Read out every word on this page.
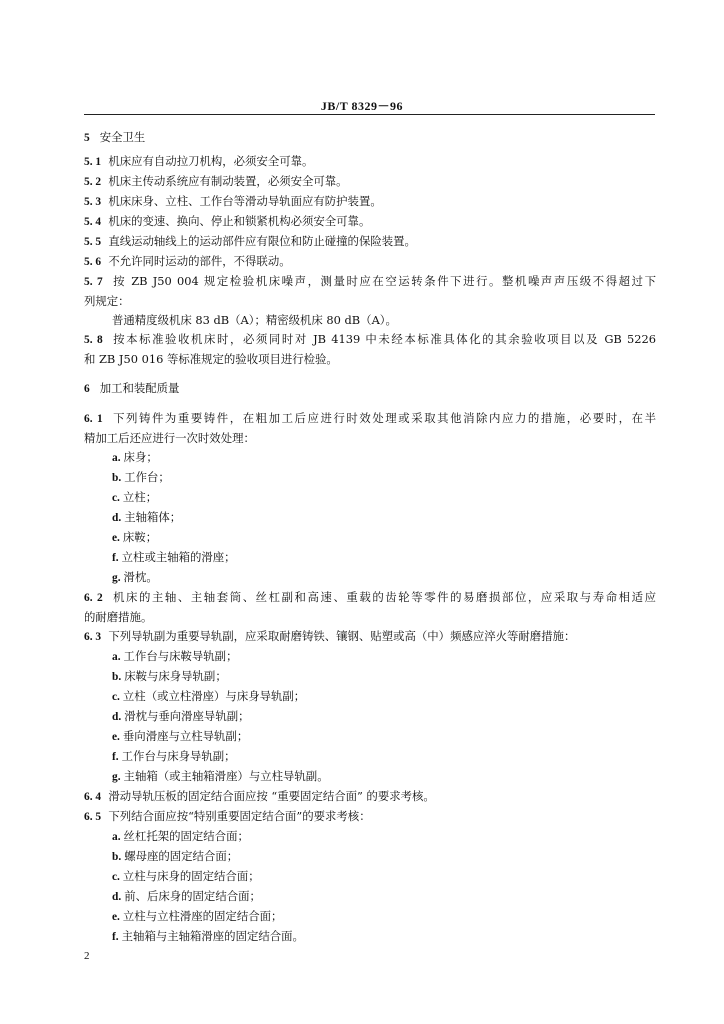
JB/T 8329－96
5 安全卫生
5. 1 机床应有自动拉刀机构，必须安全可靠。
5. 2 机床主传动系统应有制动装置，必须安全可靠。
5. 3 机床床身、立柱、工作台等滑动导轨面应有防护装置。
5. 4 机床的变速、换向、停止和锁紧机构必须安全可靠。
5. 5 直线运动轴线上的运动部件应有限位和防止碰撞的保险装置。
5. 6 不允许同时运动的部件，不得联动。
5. 7 按 ZB J50 004 规定检验机床噪声，测量时应在空运转条件下进行。整机噪声声压级不得超过下
列规定：
普通精度级机床 83 dB（A）；精密级机床 80 dB（A）。
5. 8 按本标准验收机床时，必须同时对 JB 4139 中未经本标准具体化的其余验收项目以及 GB 5226
和 ZB J50 016 等标准规定的验收项目进行检验。
6 加工和装配质量
6. 1 下列铸件为重要铸件，在粗加工后应进行时效处理或采取其他消除内应力的措施，必要时，在半
精加工后还应进行一次时效处理：
a. 床身；
b. 工作台；
c. 立柱；
d. 主轴箱体；
e. 床鞍；
f. 立柱或主轴箱的滑座；
g. 滑枕。
6. 2 机床的主轴、主轴套筒、丝杠副和高速、重载的齿轮等零件的易磨损部位，应采取与寿命相适应
的耐磨措施。
6. 3 下列导轨副为重要导轨副，应采取耐磨铸铁、镶钢、贴塑或高（中）频感应淬火等耐磨措施：
a. 工作台与床鞍导轨副；
b. 床鞍与床身导轨副；
c. 立柱（或立柱滑座）与床身导轨副；
d. 滑枕与垂向滑座导轨副；
e. 垂向滑座与立柱导轨副；
f. 工作台与床身导轨副；
g. 主轴箱（或主轴箱滑座）与立柱导轨副。
6. 4 滑动导轨压板的固定结合面应按 “重要固定结合面” 的要求考核。
6. 5 下列结合面应按“特别重要固定结合面”的要求考核：
a. 丝杠托架的固定结合面；
b. 螺母座的固定结合面；
c. 立柱与床身的固定结合面；
d. 前、后床身的固定结合面；
e. 立柱与立柱滑座的固定结合面；
f. 主轴箱与主轴箱滑座的固定结合面。
2
